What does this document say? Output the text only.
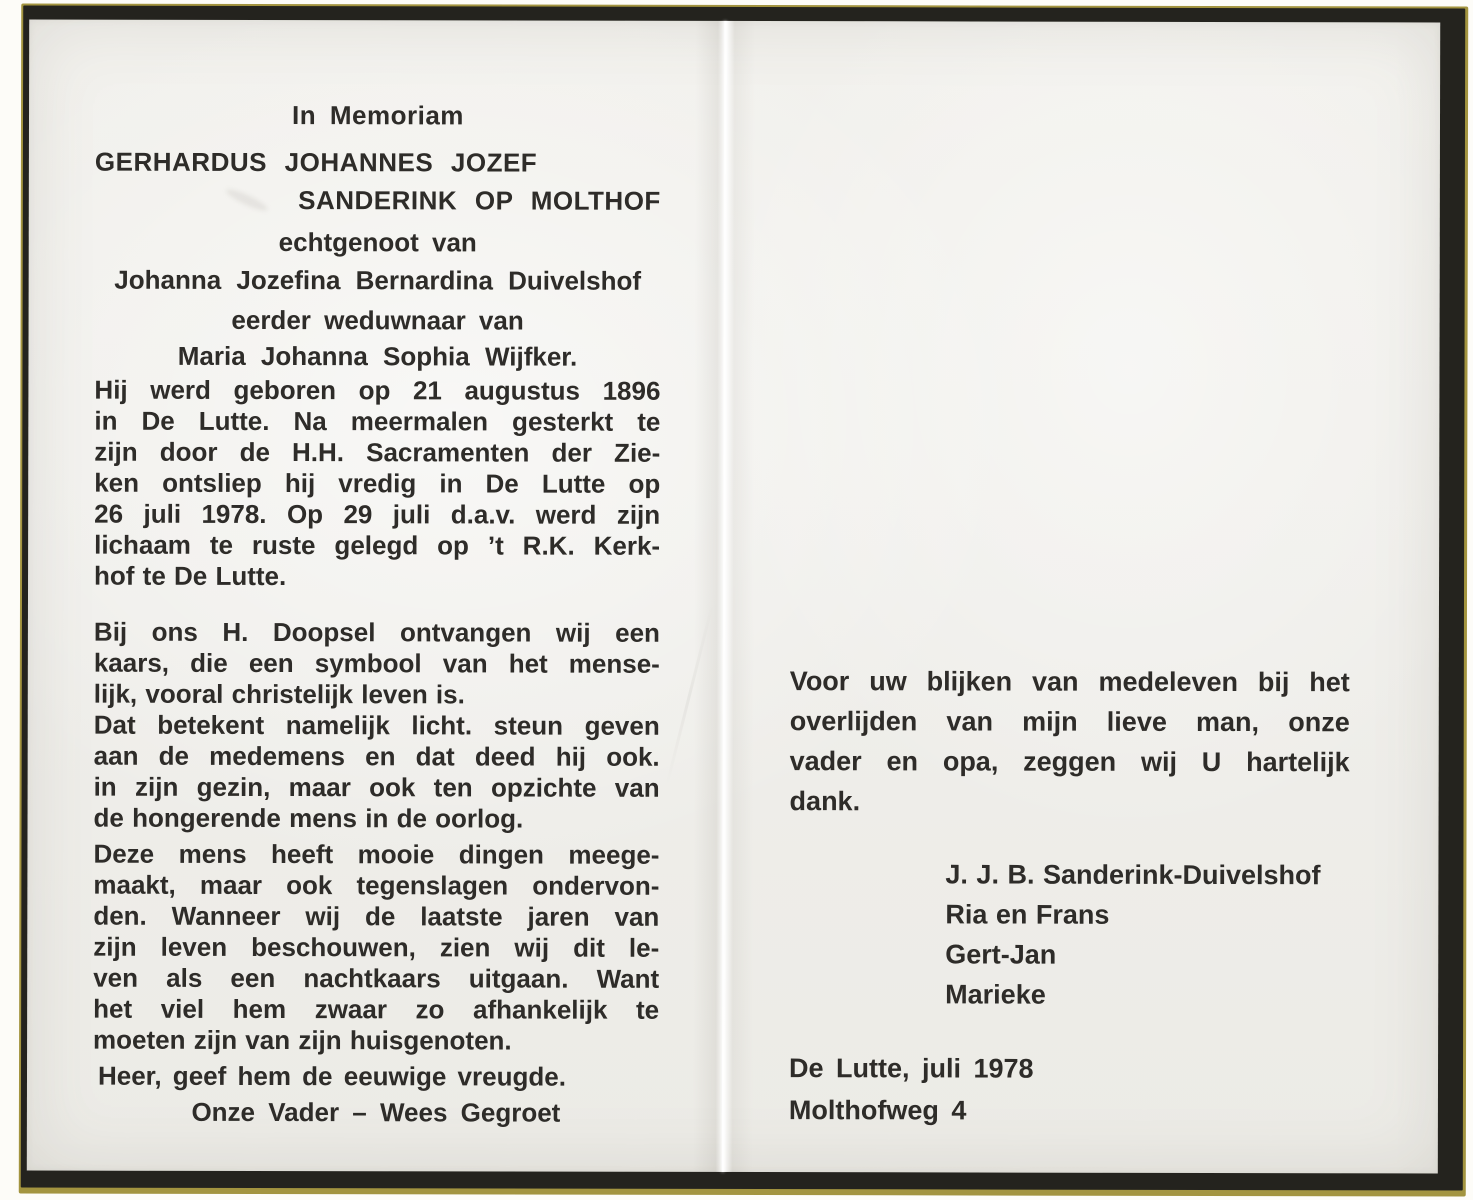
In Memoriam
GERHARDUS JOHANNES JOZEF
SANDERINK OP MOLTHOF
echtgenoot van
Johanna Jozefina Bernardina Duivelshof
eerder weduwnaar van
Maria Johanna Sophia Wijfker.
Hij werd geboren op 21 augustus 1896
in De Lutte. Na meermalen gesterkt te
zijn door de H.H. Sacramenten der Zie-
ken ontsliep hij vredig in De Lutte op
26 juli 1978. Op 29 juli d.a.v. werd zijn
lichaam te ruste gelegd op ’t R.K. Kerk-
hof te De Lutte.
Bij ons H. Doopsel ontvangen wij een
kaars, die een symbool van het mense-
lijk, vooral christelijk leven is.
Dat betekent namelijk licht. steun geven
aan de medemens en dat deed hij ook.
in zijn gezin, maar ook ten opzichte van
de hongerende mens in de oorlog.
Deze mens heeft mooie dingen meege-
maakt, maar ook tegenslagen ondervon-
den. Wanneer wij de laatste jaren van
zijn leven beschouwen, zien wij dit le-
ven als een nachtkaars uitgaan. Want
het viel hem zwaar zo afhankelijk te
moeten zijn van zijn huisgenoten.
Heer, geef hem de eeuwige vreugde.
Onze Vader – Wees Gegroet
Voor uw blijken van medeleven bij het
overlijden van mijn lieve man, onze
vader en opa, zeggen wij U hartelijk
dank.
J. J. B. Sanderink-Duivelshof
Ria en Frans
Gert-Jan
Marieke
De Lutte, juli 1978
Molthofweg 4
